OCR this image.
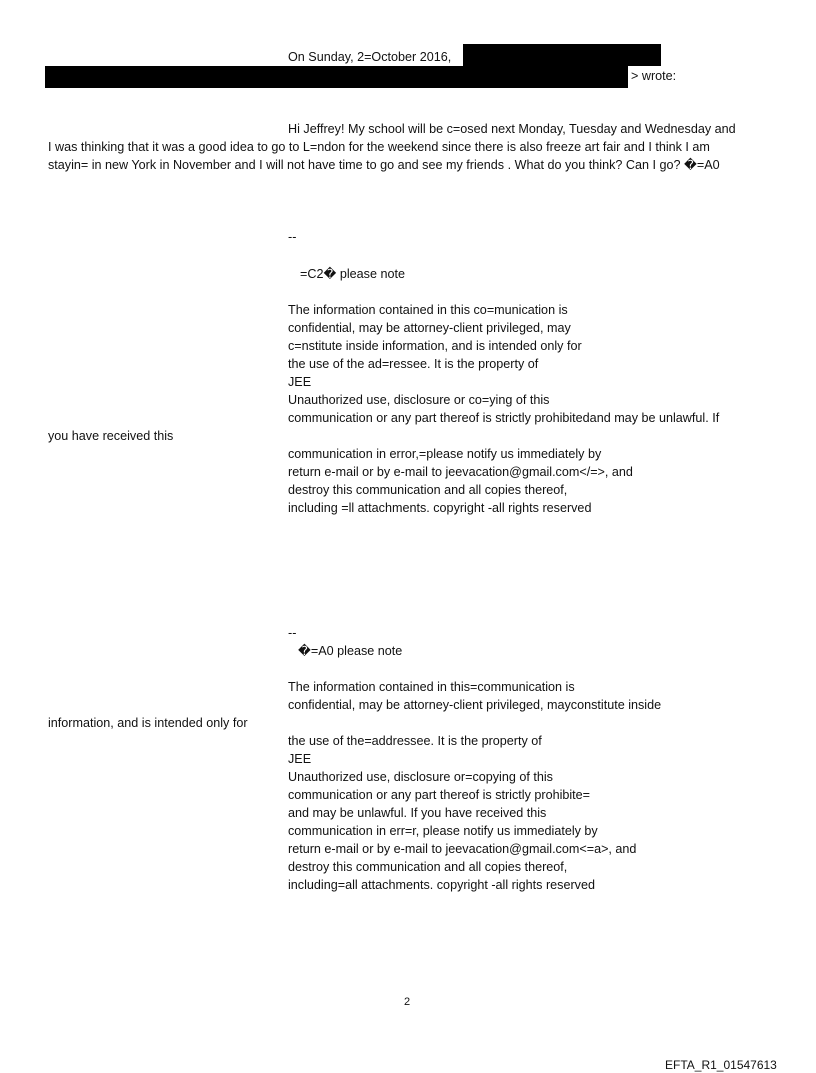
On Sunday, 2=October 2016,
> wrote:
Hi Jeffrey! My school will be c=osed next Monday, Tuesday and Wednesday and
I was thinking that it was a good idea to go to L=ndon for the weekend since there is also freeze art fair and I think I am
stayin= in new York in November and I will not have time to go and see my friends . What do you think? Can I go? �=A0
--
=C2� please note
The information contained in this co=munication is
confidential, may be attorney-client privileged, may
c=nstitute inside information, and is intended only for
the use of the ad=ressee. It is the property of
JEE
Unauthorized use, disclosure or co=ying of this
communication or any part thereof is strictly prohibitedand may be unlawful. If
you have received this
communication in error,=please notify us immediately by
return e-mail or by e-mail to jeevacation@gmail.com</=>, and
destroy this communication and all copies thereof,
including =ll attachments. copyright -all rights reserved
--
�=A0 please note
The information contained in this=communication is
confidential, may be attorney-client privileged, mayconstitute inside
information, and is intended only for
the use of the=addressee. It is the property of
JEE
Unauthorized use, disclosure or=copying of this
communication or any part thereof is strictly prohibite=
and may be unlawful. If you have received this
communication in err=r, please notify us immediately by
return e-mail or by e-mail to jeevacation@gmail.com<=a>, and
destroy this communication and all copies thereof,
including=all attachments. copyright -all rights reserved
2
EFTA_R1_01547613
